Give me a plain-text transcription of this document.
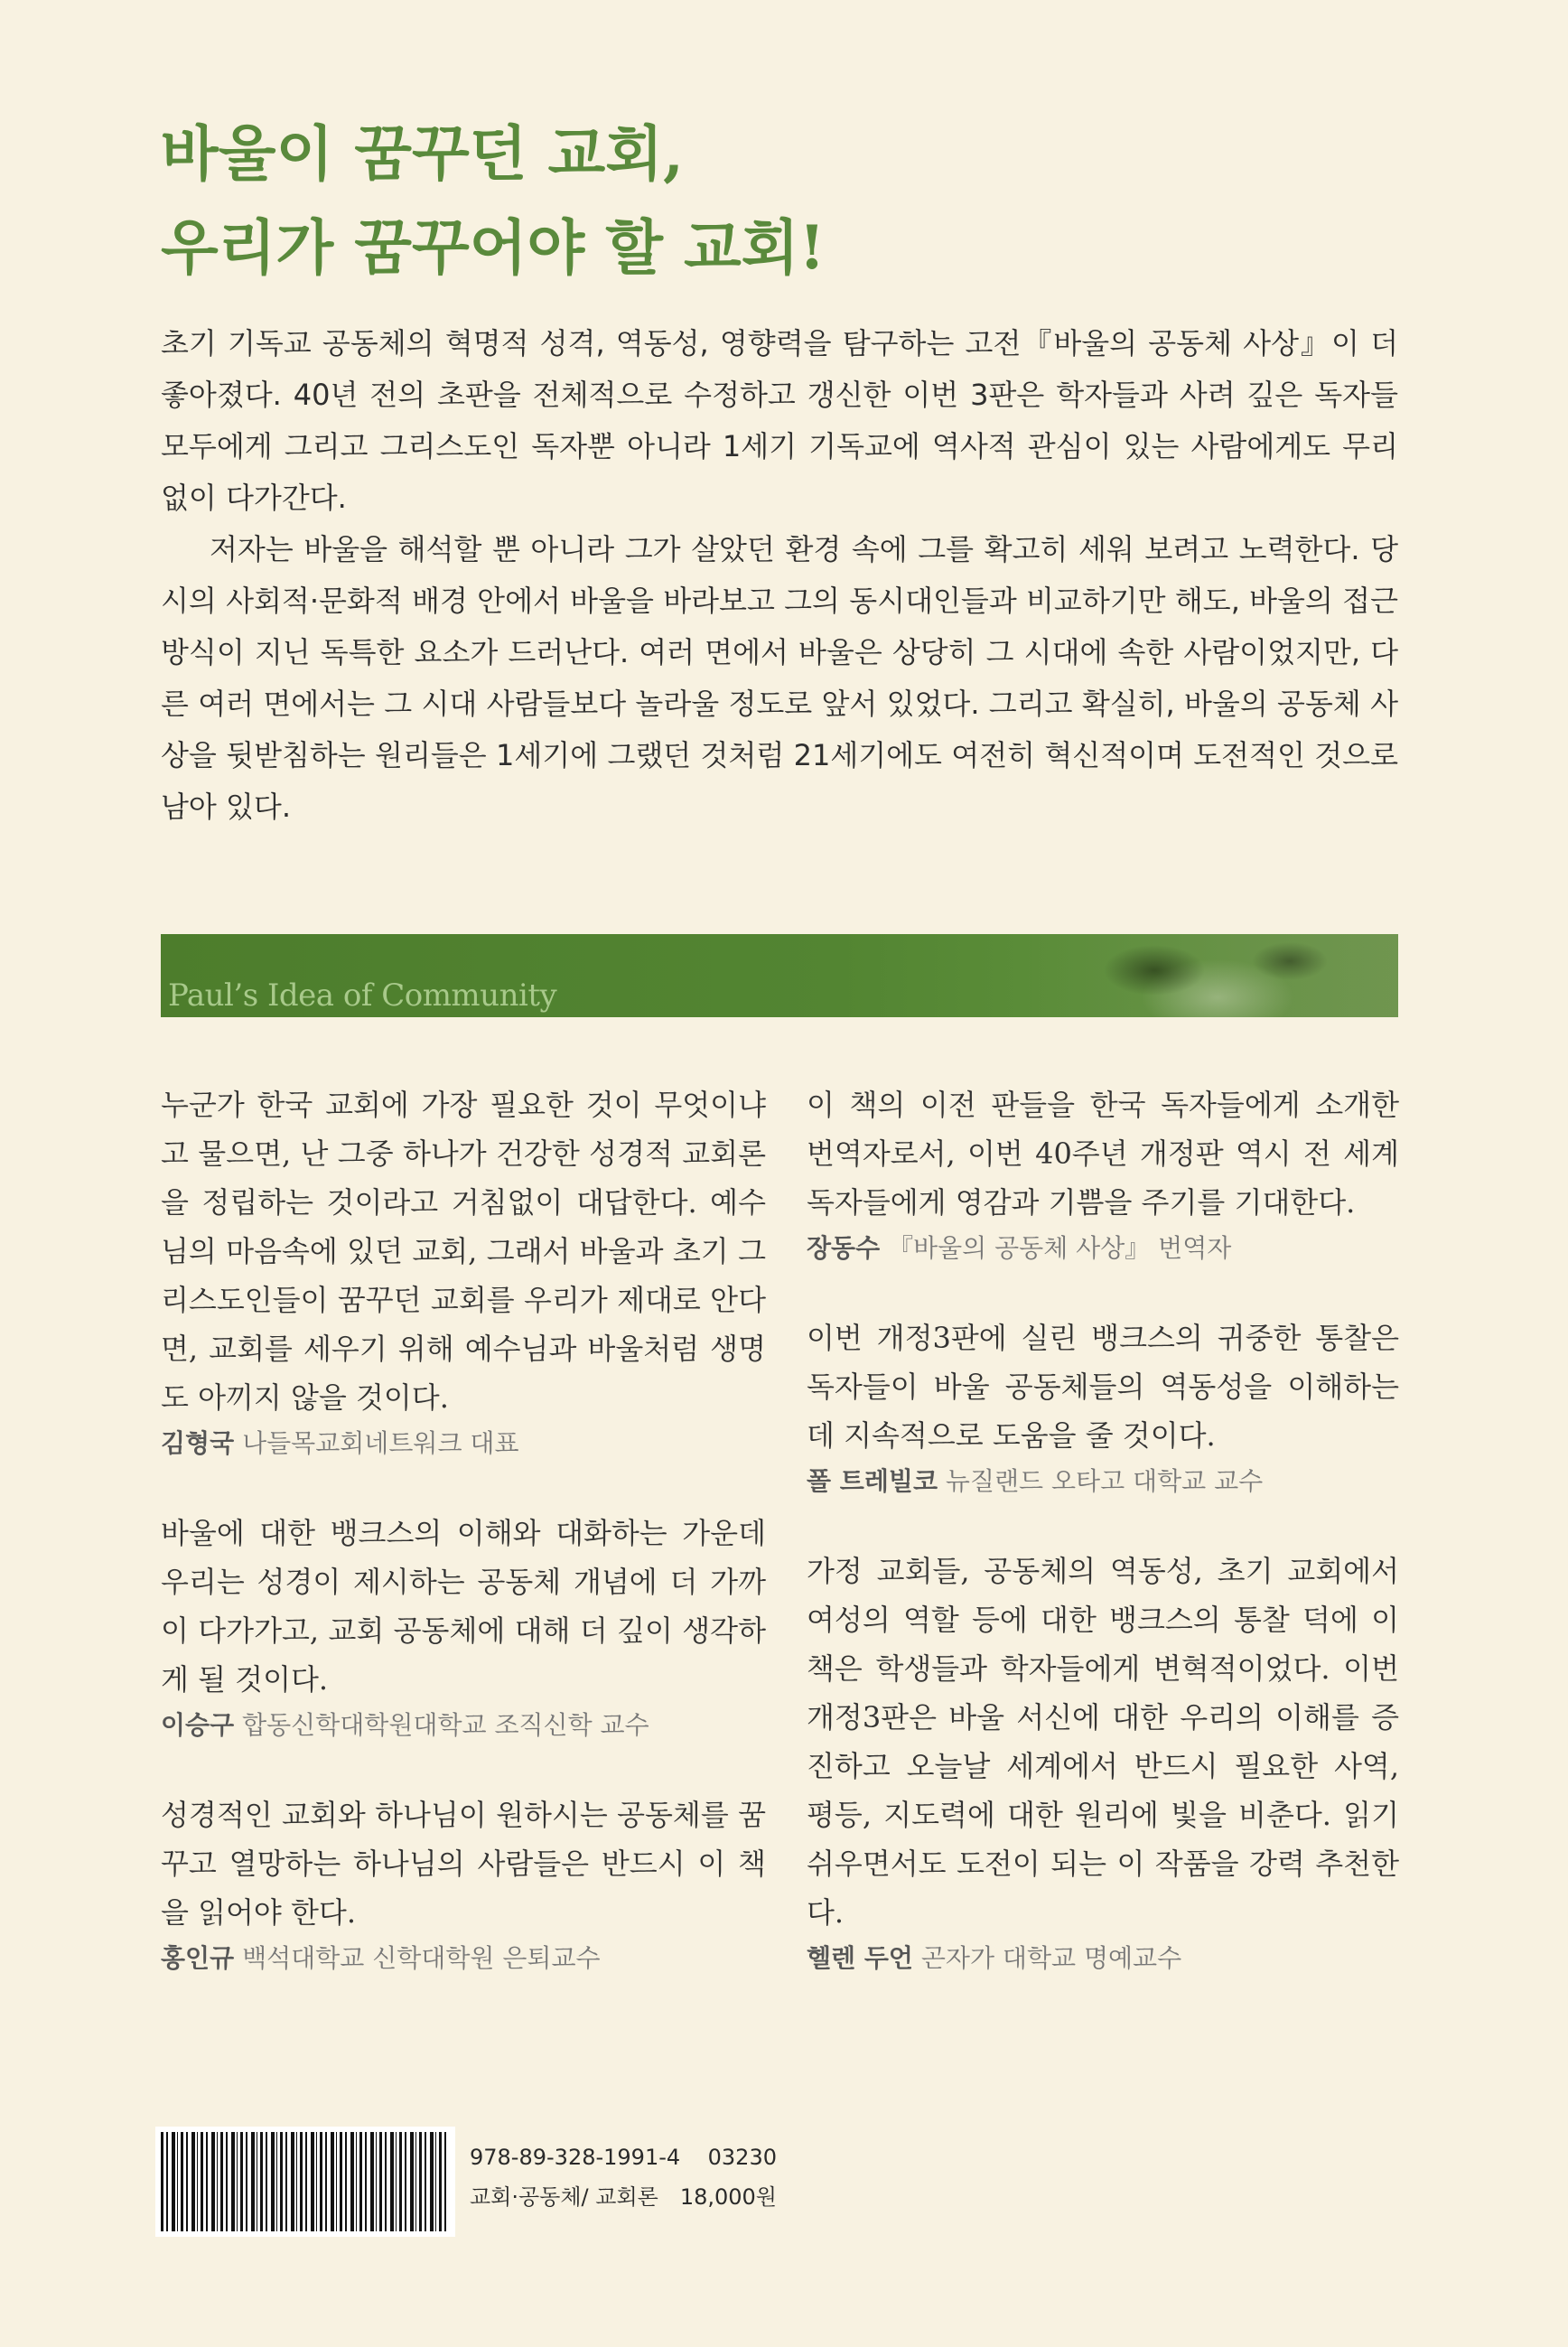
바울이 꿈꾸던 교회,
우리가 꿈꾸어야 할 교회!

초기 기독교 공동체의 혁명적 성격, 역동성, 영향력을 탐구하는 고전『바울의 공동체 사상』이 더 좋아졌다. 40년 전의 초판을 전체적으로 수정하고 갱신한 이번 3판은 학자들과 사려 깊은 독자들 모두에게 그리고 그리스도인 독자뿐 아니라 1세기 기독교에 역사적 관심이 있는 사람에게도 무리 없이 다가간다.

저자는 바울을 해석할 뿐 아니라 그가 살았던 환경 속에 그를 확고히 세워 보려고 노력한다. 당시의 사회적·문화적 배경 안에서 바울을 바라보고 그의 동시대인들과 비교하기만 해도, 바울의 접근 방식이 지닌 독특한 요소가 드러난다. 여러 면에서 바울은 상당히 그 시대에 속한 사람이었지만, 다른 여러 면에서는 그 시대 사람들보다 놀라울 정도로 앞서 있었다. 그리고 확실히, 바울의 공동체 사상을 뒷받침하는 원리들은 1세기에 그랬던 것처럼 21세기에도 여전히 혁신적이며 도전적인 것으로 남아 있다.

Paul’s Idea of Community

누군가 한국 교회에 가장 필요한 것이 무엇이냐고 물으면, 난 그중 하나가 건강한 성경적 교회론을 정립하는 것이라고 거침없이 대답한다. 예수님의 마음속에 있던 교회, 그래서 바울과 초기 그리스도인들이 꿈꾸던 교회를 우리가 제대로 안다면, 교회를 세우기 위해 예수님과 바울처럼 생명도 아끼지 않을 것이다.

김형국 나들목교회네트워크 대표

바울에 대한 뱅크스의 이해와 대화하는 가운데 우리는 성경이 제시하는 공동체 개념에 더 가까이 다가가고, 교회 공동체에 대해 더 깊이 생각하게 될 것이다.

이승구 합동신학대학원대학교 조직신학 교수

성경적인 교회와 하나님이 원하시는 공동체를 꿈꾸고 열망하는 하나님의 사람들은 반드시 이 책을 읽어야 한다.

홍인규 백석대학교 신학대학원 은퇴교수

이 책의 이전 판들을 한국 독자들에게 소개한 번역자로서, 이번 40주년 개정판 역시 전 세계 독자들에게 영감과 기쁨을 주기를 기대한다.

장동수 『바울의 공동체 사상』 번역자

이번 개정3판에 실린 뱅크스의 귀중한 통찰은 독자들이 바울 공동체들의 역동성을 이해하는 데 지속적으로 도움을 줄 것이다.

폴 트레빌코 뉴질랜드 오타고 대학교 교수

가정 교회들, 공동체의 역동성, 초기 교회에서 여성의 역할 등에 대한 뱅크스의 통찰 덕에 이 책은 학생들과 학자들에게 변혁적이었다. 이번 개정3판은 바울 서신에 대한 우리의 이해를 증진하고 오늘날 세계에서 반드시 필요한 사역, 평등, 지도력에 대한 원리에 빛을 비춘다. 읽기 쉬우면서도 도전이 되는 이 작품을 강력 추천한다.

헬렌 두언 곤자가 대학교 명예교수
978-89-328-1991-4 03230
교회·공동체/ 교회론 18,000원
